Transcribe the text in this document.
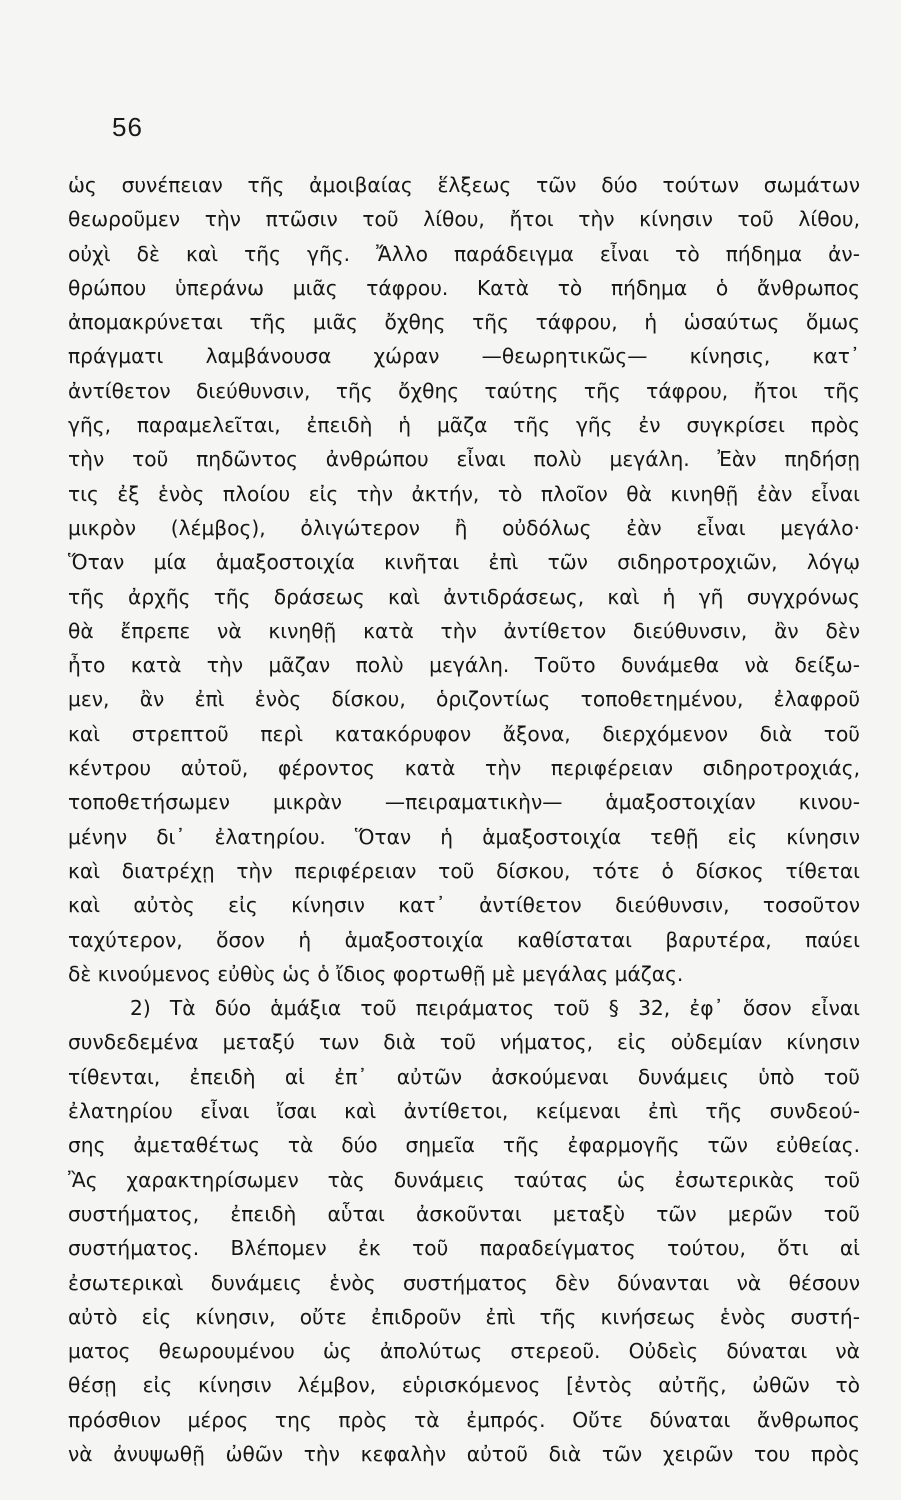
56
ὡς συνέπειαν τῆς ἀμοιβαίας ἕλξεως τῶν δύο τούτων σωμάτων
θεωροῦμεν τὴν πτῶσιν τοῦ λίθου, ἤτοι τὴν κίνησιν τοῦ λίθου,
οὐχὶ δὲ καὶ τῆς γῆς. Ἄλλο παράδειγμα εἶναι τὸ πήδημα ἀν-
θρώπου ὑπεράνω μιᾶς τάφρου. Κατὰ τὸ πήδημα ὁ ἄνθρωπος
ἀπομακρύνεται τῆς μιᾶς ὄχθης τῆς τάφρου, ἡ ὡσαύτως ὅμως
πράγματι λαμβάνουσα χώραν —θεωρητικῶς— κίνησις, κατ᾽
ἀντίθετον διεύθυνσιν, τῆς ὄχθης ταύτης τῆς τάφρου, ἤτοι τῆς
γῆς, παραμελεῖται, ἐπειδὴ ἡ μᾶζα τῆς γῆς ἐν συγκρίσει πρὸς
τὴν τοῦ πηδῶντος ἀνθρώπου εἶναι πολὺ μεγάλη. Ἐὰν πηδήσῃ
τις ἐξ ἑνὸς πλοίου εἰς τὴν ἀκτήν, τὸ πλοῖον θὰ κινηθῇ ἐὰν εἶναι
μικρὸν (λέμβος), ὀλιγώτερον ἢ οὐδόλως ἐὰν εἶναι μεγάλο·
Ὅταν μία ἁμαξοστοιχία κινῆται ἐπὶ τῶν σιδηροτροχιῶν, λόγῳ
τῆς ἀρχῆς τῆς δράσεως καὶ ἀντιδράσεως, καὶ ἡ γῆ συγχρόνως
θὰ ἔπρεπε νὰ κινηθῇ κατὰ τὴν ἀντίθετον διεύθυνσιν, ἂν δὲν
ἦτο κατὰ τὴν μᾶζαν πολὺ μεγάλη. Τοῦτο δυνάμεθα νὰ δείξω-
μεν, ἂν ἐπὶ ἑνὸς δίσκου, ὁριζοντίως τοποθετημένου, ἐλαφροῦ
καὶ στρεπτοῦ περὶ κατακόρυφον ἄξονα, διερχόμενον διὰ τοῦ
κέντρου αὐτοῦ, φέροντος κατὰ τὴν περιφέρειαν σιδηροτροχιάς,
τοποθετήσωμεν μικρὰν —πειραματικὴν— ἁμαξοστοιχίαν κινου-
μένην δι᾽ ἐλατηρίου. Ὅταν ἡ ἁμαξοστοιχία τεθῇ εἰς κίνησιν
καὶ διατρέχῃ τὴν περιφέρειαν τοῦ δίσκου, τότε ὁ δίσκος τίθεται
καὶ αὐτὸς εἰς κίνησιν κατ᾽ ἀντίθετον διεύθυνσιν, τοσοῦτον
ταχύτερον, ὅσον ἡ ἁμαξοστοιχία καθίσταται βαρυτέρα, παύει
δὲ κινούμενος εὐθὺς ὡς ὁ ἴδιος φορτωθῇ μὲ μεγάλας μάζας.
2) Τὰ δύο ἁμάξια τοῦ πειράματος τοῦ § 32, ἐφ᾽ ὅσον εἶναι
συνδεδεμένα μεταξύ των διὰ τοῦ νήματος, εἰς οὐδεμίαν κίνησιν
τίθενται, ἐπειδὴ αἱ ἐπ᾽ αὐτῶν ἀσκούμεναι δυνάμεις ὑπὸ τοῦ
ἐλατηρίου εἶναι ἴσαι καὶ ἀντίθετοι, κείμεναι ἐπὶ τῆς συνδεού-
σης ἀμεταθέτως τὰ δύο σημεῖα τῆς ἐφαρμογῆς τῶν εὐθείας.
Ἂς χαρακτηρίσωμεν τὰς δυνάμεις ταύτας ὡς ἐσωτερικὰς τοῦ
συστήματος, ἐπειδὴ αὗται ἀσκοῦνται μεταξὺ τῶν μερῶν τοῦ
συστήματος. Βλέπομεν ἐκ τοῦ παραδείγματος τούτου, ὅτι αἱ
ἐσωτερικαὶ δυνάμεις ἑνὸς συστήματος δὲν δύνανται νὰ θέσουν
αὐτὸ εἰς κίνησιν, οὔτε ἐπιδροῦν ἐπὶ τῆς κινήσεως ἑνὸς συστή-
ματος θεωρουμένου ὡς ἀπολύτως στερεοῦ. Οὐδεὶς δύναται νὰ
θέσῃ εἰς κίνησιν λέμβον, εὑρισκόμενος [ἐντὸς αὐτῆς, ὠθῶν τὸ
πρόσθιον μέρος της πρὸς τὰ ἐμπρός. Οὔτε δύναται ἄνθρωπος
νὰ ἀνυψωθῇ ὠθῶν τὴν κεφαλὴν αὐτοῦ διὰ τῶν χειρῶν του πρὸς
